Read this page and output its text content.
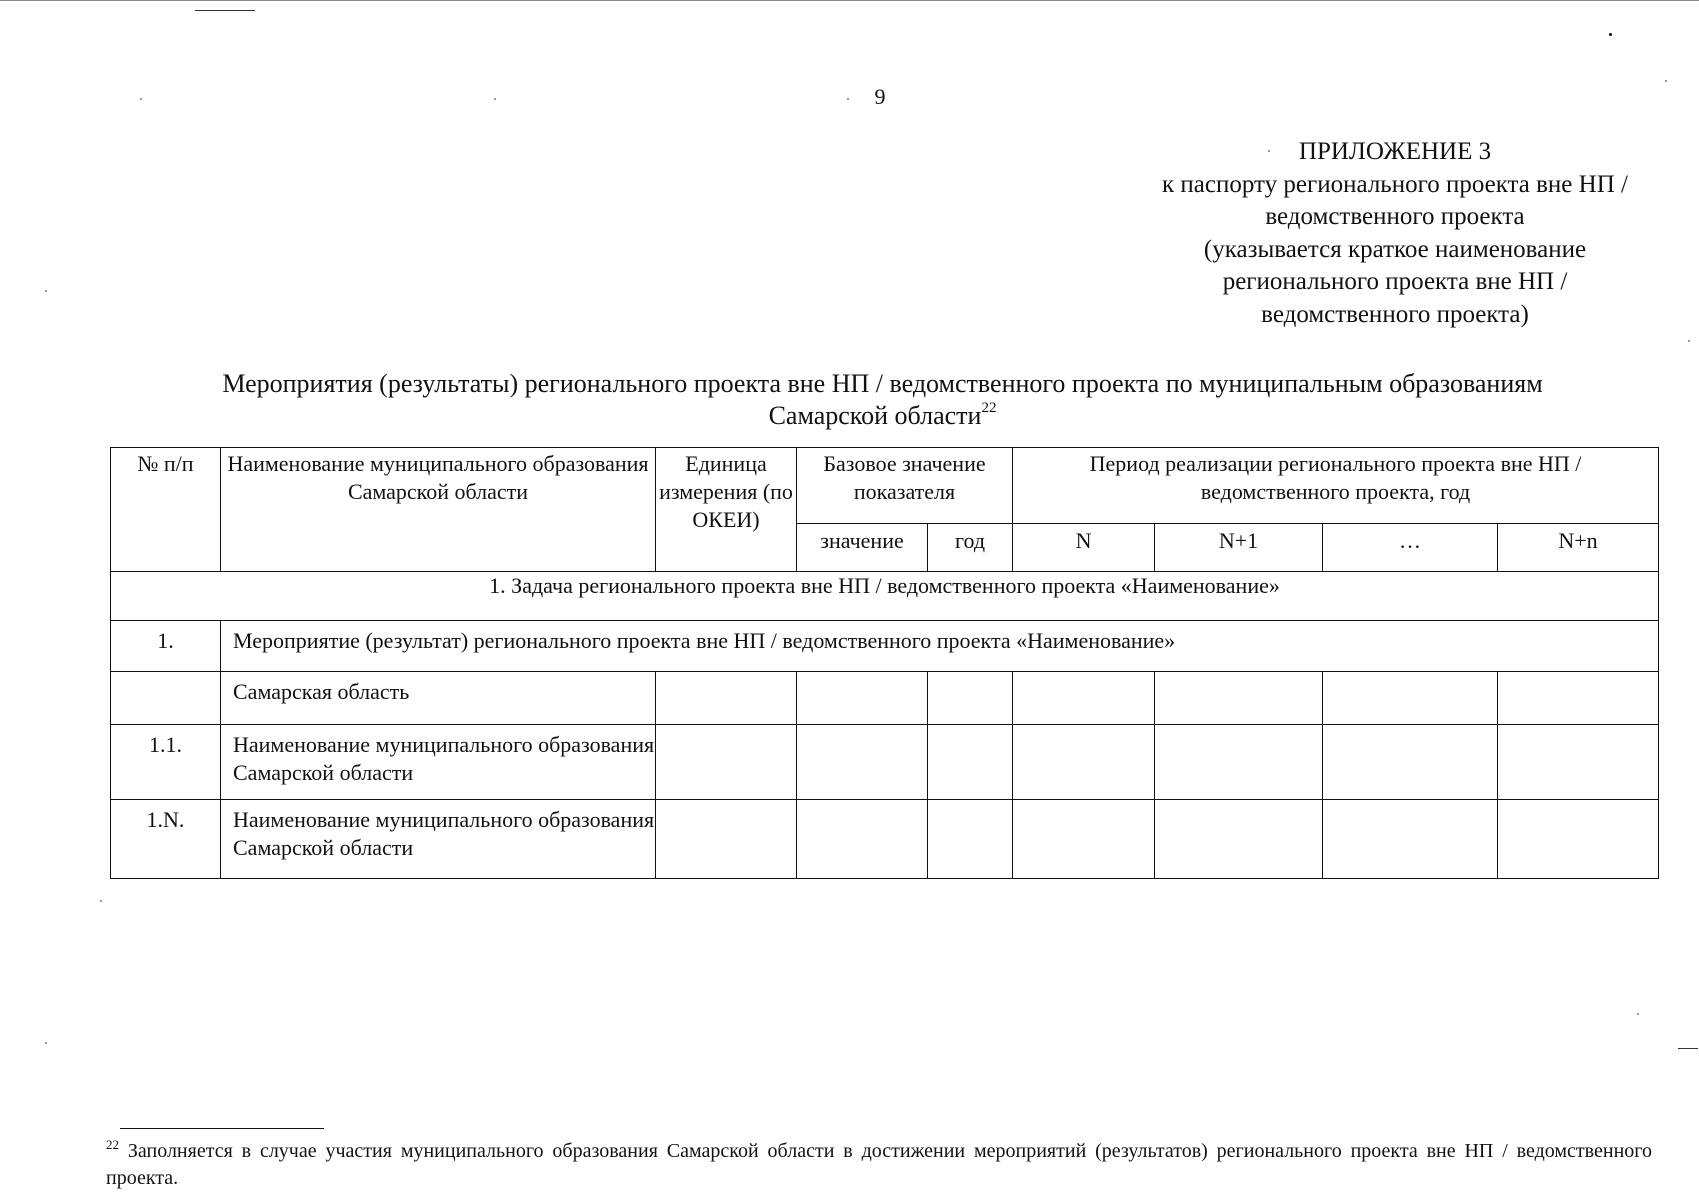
9
ПРИЛОЖЕНИЕ 3
к паспорту регионального проекта вне НП /
ведомственного проекта
(указывается краткое наименование
регионального проекта вне НП /
ведомственного проекта)
Мероприятия (результаты) регионального проекта вне НП / ведомственного проекта по муниципальным образованиям
Самарской области$^{22}$
№ п/п	Наименование муниципального образования Самарской области	Единица измерения (по ОКЕИ)	Базовое значение показателя		Период реализации регионального проекта вне НП / ведомственного проекта, год			
			значение	год	N	N+1	…	N+n
1. Задача регионального проекта вне НП / ведомственного проекта «Наименование»								
1.	Мероприятие (результат) регионального проекта вне НП / ведомственного проекта «Наименование»							
	Самарская область							
1.1.	Наименование муниципального образования Самарской области							
1.N.	Наименование муниципального образования Самарской области							
$^{22}$ Заполняется в случае участия муниципального образования Самарской области в достижении мероприятий (результатов) регионального проекта вне НП / ведомственного проекта.
